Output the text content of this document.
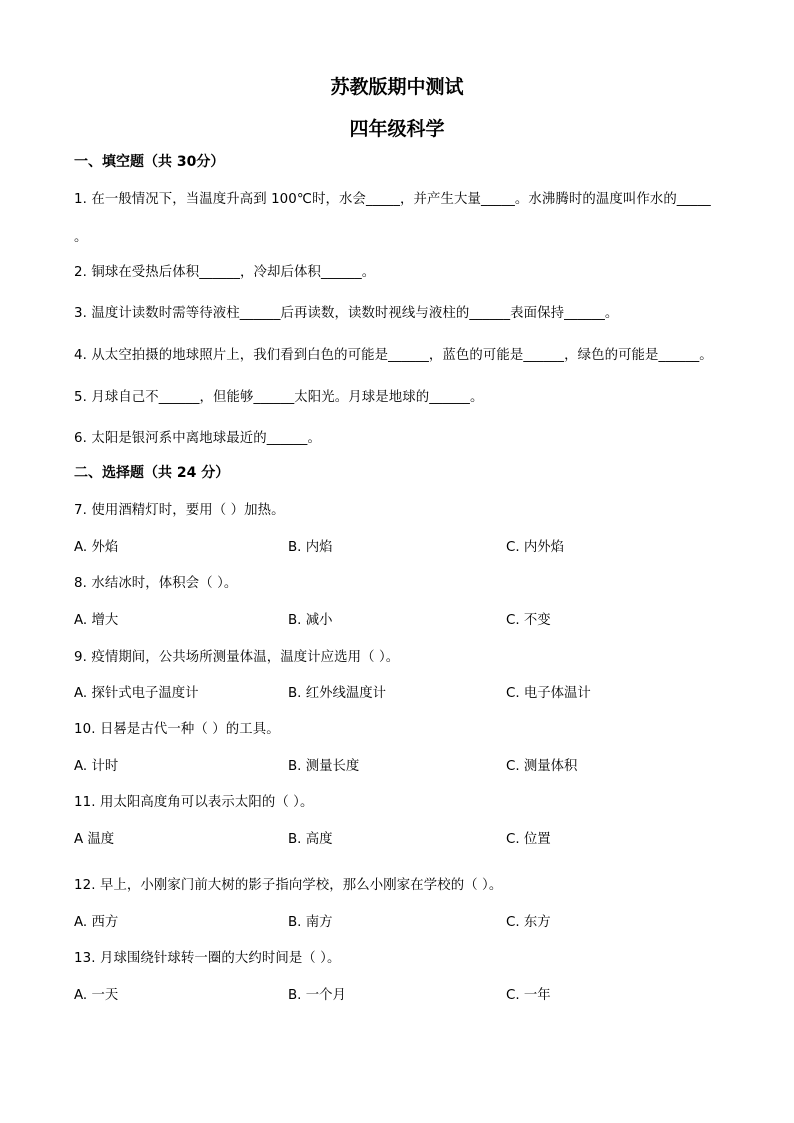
苏教版期中测试
四年级科学
一、填空题（共 30分）
1. 在一般情况下，当温度升高到 100℃时，水会_____，并产生大量_____。水沸腾时的温度叫作水的_____
。
2. 铜球在受热后体积______，冷却后体积______。
3. 温度计读数时需等待液柱______后再读数，读数时视线与液柱的______表面保持______。
4. 从太空拍摄的地球照片上，我们看到白色的可能是______，蓝色的可能是______，绿色的可能是______。
5. 月球自己不______，但能够______太阳光。月球是地球的______。
6. 太阳是银河系中离地球最近的______。
二、选择题（共 24 分）
7. 使用酒精灯时，要用（ ）加热。
A. 外焰	B. 内焰	C. 内外焰
8. 水结冰时，体积会（ ）。
A. 增大	B. 减小	C. 不变
9. 疫情期间，公共场所测量体温，温度计应选用（ ）。
A. 探针式电子温度计	B. 红外线温度计	C. 电子体温计
10. 日晷是古代一种（ ）的工具。
A. 计时	B. 测量长度	C. 测量体积
11. 用太阳高度角可以表示太阳的（ ）。
A 温度	B. 高度	C. 位置
12. 早上，小刚家门前大树的影子指向学校，那么小刚家在学校的（ ）。
A. 西方	B. 南方	C. 东方
13. 月球围绕针球转一圈的大约时间是（ ）。
A. 一天	B. 一个月	C. 一年
